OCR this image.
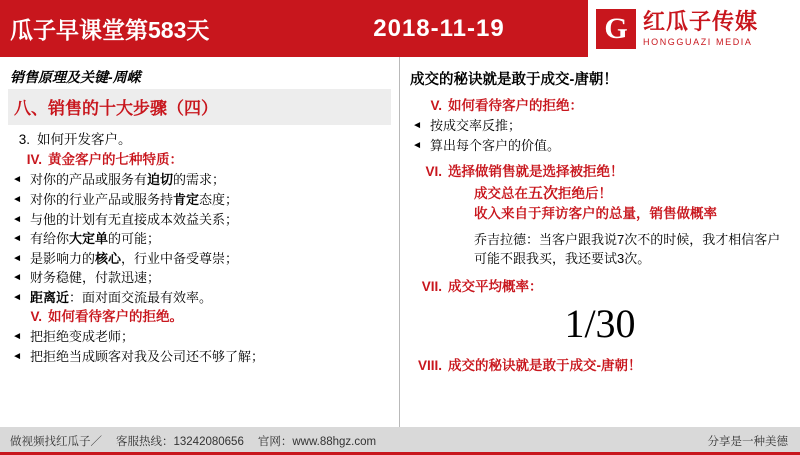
瓜子早课堂第583天	2018-11-19	G 红瓜子传媒
HONGGUAZI MEDIA
销售原理及关键-周嵘
八、销售的十大步骤（四）
3. 如何开发客户。
IV. 黄金客户的七种特质：
◄ 对你的产品或服务有迫切的需求；
◄ 对你的行业产品或服务持肯定态度；
◄ 与他的计划有无直接成本效益关系；
◄ 有给你大定单的可能；
◄ 是影响力的核心，行业中备受尊崇；
◄ 财务稳健，付款迅速；
◄ 距离近：面对面交流最有效率。
V. 如何看待客户的拒绝。
◄ 把拒绝变成老师；
◄ 把拒绝当成顾客对我及公司还不够了解；
成交的秘诀就是敢于成交-唐朝！
V. 如何看待客户的拒绝：
◄ 按成交率反推；
◄ 算出每个客户的价值。
VI. 选择做销售就是选择被拒绝！
成交总在五次拒绝后！
收入来自于拜访客户的总量，销售做概率
乔吉拉德：当客户跟我说7次不的时候，我才相信客户可能不跟我买，我还要试3次。
VII. 成交平均概率：
1/30
VIII. 成交的秘诀就是敢于成交-唐朝！
做视频找红瓜子／ 客服热线：13242080656 官网：www.88hgz.com	分享是一种美德
